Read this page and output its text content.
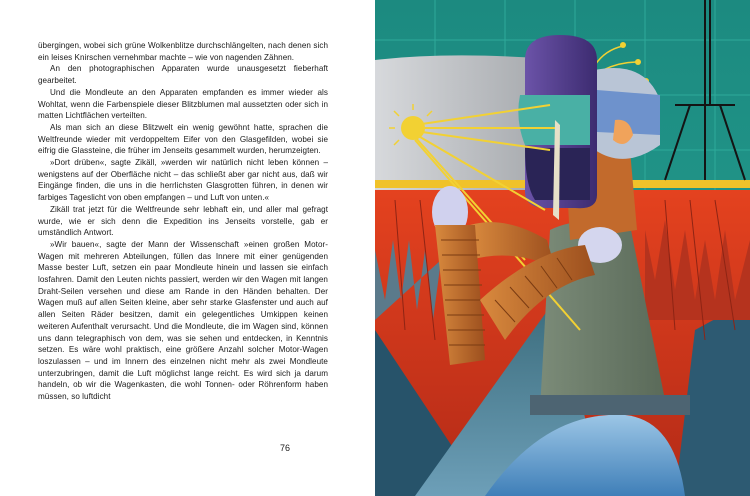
übergingen, wobei sich grüne Wolkenblitze durchschlängelten, nach denen sich ein leises Knirschen vernehmbar machte – wie von nagenden Zähnen.

An den photographischen Apparaten wurde unausgesetzt fieberhaft gearbeitet.

Und die Mondleute an den Apparaten empfanden es immer wieder als Wohltat, wenn die Farbenspiele dieser Blitzblumen mal aussetzten oder sich in matten Lichtflächen verteilten.

Als man sich an diese Blitzwelt ein wenig gewöhnt hatte, sprachen die Weltfreunde wieder mit verdoppeltem Eifer von den Glasgefilden, wobei sie eifrig die Glassteine, die früher im Jenseits gesammelt wurden, herumzeigten.

»Dort drüben«, sagte Zikäll, »werden wir natürlich nicht leben können – wenigstens auf der Oberfläche nicht – das schließt aber gar nicht aus, daß wir Eingänge finden, die uns in die herrlichsten Glasgrotten führen, in denen wir farbiges Tageslicht von oben empfangen – und Luft von unten.«

Zikäll trat jetzt für die Weltfreunde sehr lebhaft ein, und aller mal gefragt wurde, wie er sich denn die Expedition ins Jenseits vorstelle, gab er umständlich Antwort.

»Wir bauen«, sagte der Mann der Wissenschaft »einen großen Motor-Wagen mit mehreren Abteilungen, füllen das Innere mit einer genügenden Masse bester Luft, setzen ein paar Mondleute hinein und lassen sie einfach losfahren. Damit den Leuten nichts passiert, werden wir den Wagen mit langen Draht-Seilen versehen und diese am Rande in den Händen behalten. Der Wagen muß auf allen Seiten kleine, aber sehr starke Glasfenster und auch auf allen Seiten Räder besitzen, damit ein gelegentliches Umkippen keinen weiteren Aufenthalt verursacht. Und die Mondleute, die im Wagen sind, können uns dann telegraphisch von dem, was sie sehen und entdecken, in Kenntnis setzen. Es wäre wohl praktisch, eine größere Anzahl solcher Motor-Wagen loszulassen – und im Innern des einzelnen nicht mehr als zwei Mondleute unterzubringen, damit die Luft möglichst lange reicht. Es wird sich ja darum handeln, ob wir die Wagenkasten, die wohl Tonnen- oder Röhrenform haben müssen, so luftdicht

76
